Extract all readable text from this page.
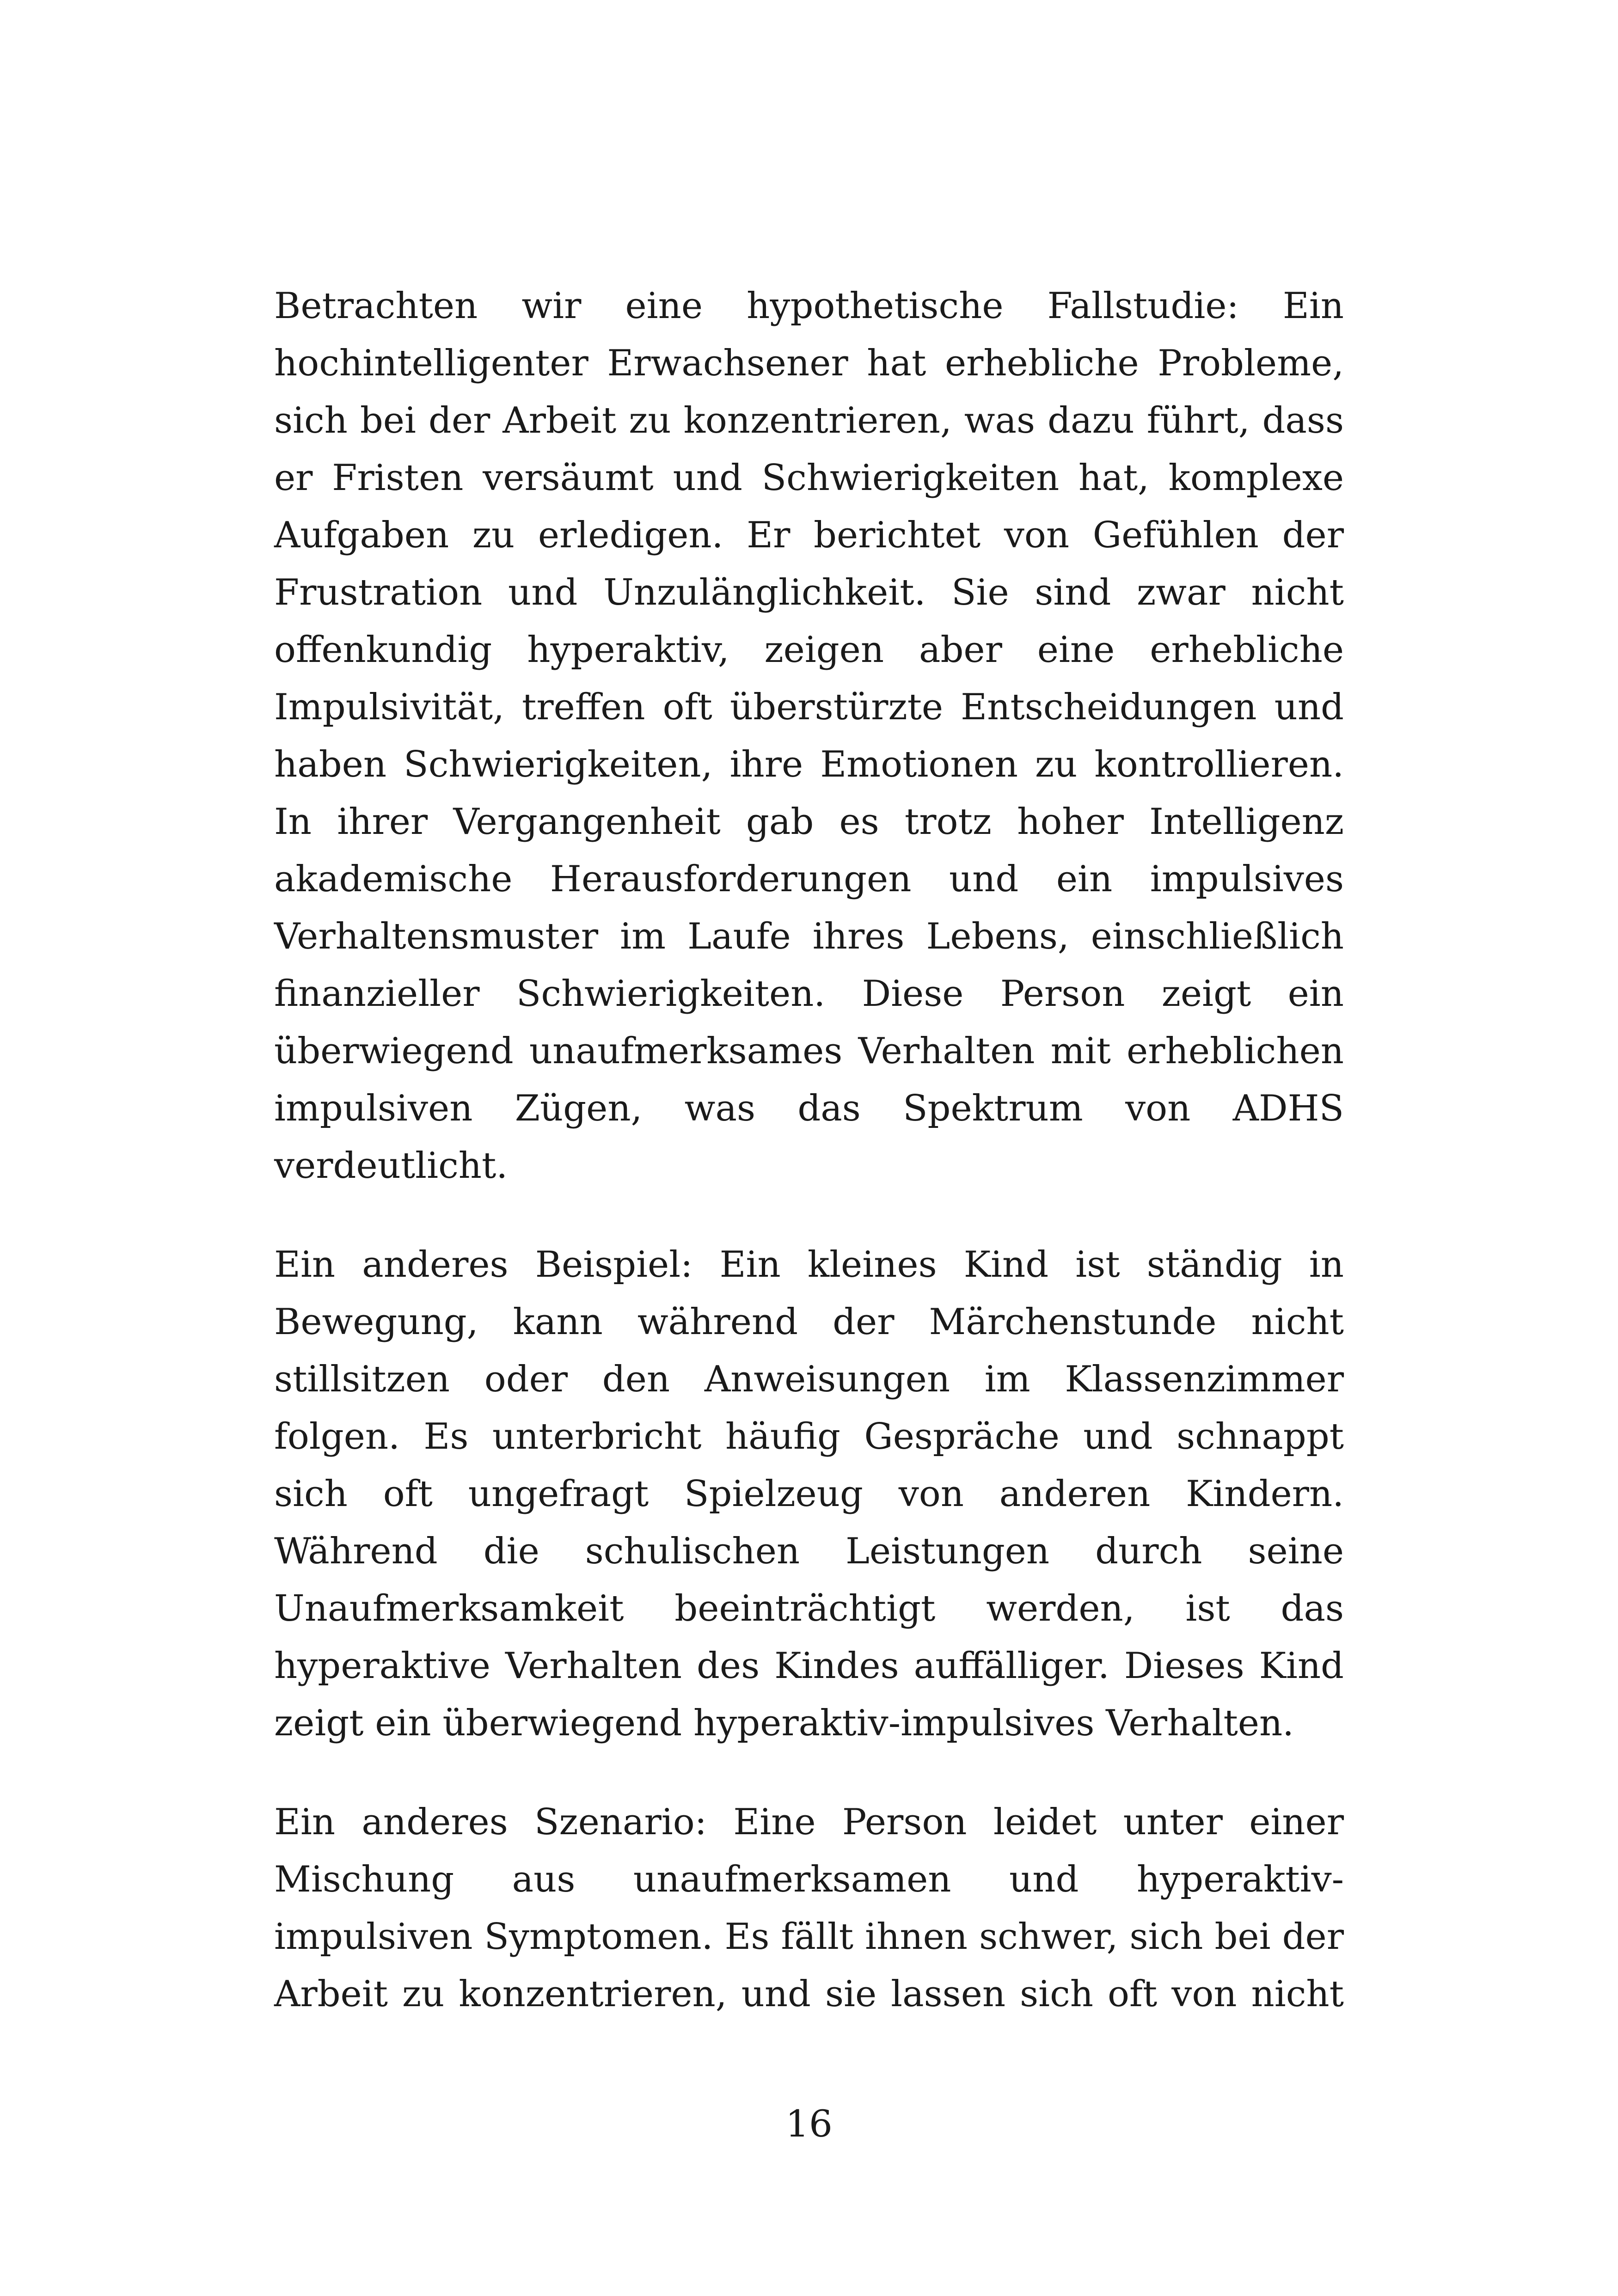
Betrachten wir eine hypothetische Fallstudie: Ein hochintelligenter Erwachsener hat erhebliche Probleme, sich bei der Arbeit zu konzentrieren, was dazu führt, dass er Fristen versäumt und Schwierigkeiten hat, komplexe Aufgaben zu erledigen. Er berichtet von Gefühlen der Frustration und Unzulänglichkeit. Sie sind zwar nicht offenkundig hyperaktiv, zeigen aber eine erhebliche Impulsivität, treffen oft überstürzte Entscheidungen und haben Schwierigkeiten, ihre Emotionen zu kontrollieren. In ihrer Vergangenheit gab es trotz hoher Intelligenz akademische Herausforderungen und ein impulsives Verhaltensmuster im Laufe ihres Lebens, einschließlich finanzieller Schwierigkeiten. Diese Person zeigt ein überwiegend unaufmerksames Verhalten mit erheblichen impulsiven Zügen, was das Spektrum von ADHS verdeutlicht.

Ein anderes Beispiel: Ein kleines Kind ist ständig in Bewegung, kann während der Märchenstunde nicht stillsitzen oder den Anweisungen im Klassenzimmer folgen. Es unterbricht häufig Gespräche und schnappt sich oft ungefragt Spielzeug von anderen Kindern. Während die schulischen Leistungen durch seine Unaufmerksamkeit beeinträchtigt werden, ist das hyperaktive Verhalten des Kindes auffälliger. Dieses Kind zeigt ein überwiegend hyperaktiv-impulsives Verhalten.

Ein anderes Szenario: Eine Person leidet unter einer Mischung aus unaufmerksamen und hyperaktiv-impulsiven Symptomen. Es fällt ihnen schwer, sich bei der Arbeit zu konzentrieren, und sie lassen sich oft von nicht

16
